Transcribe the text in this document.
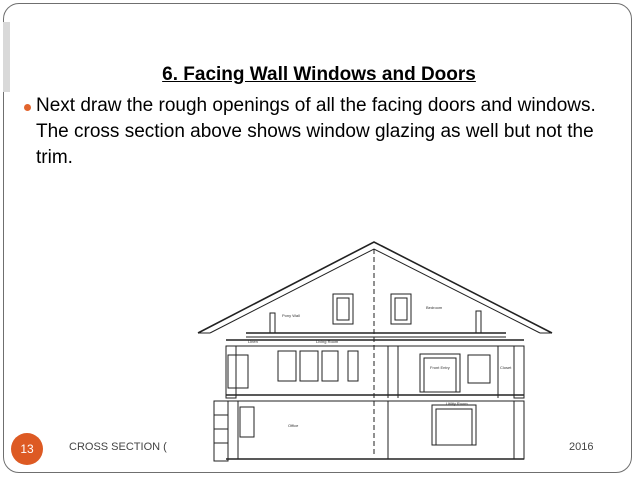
6. Facing Wall Windows and Doors
Next draw the rough openings of all the facing doors and windows. The cross section above shows window glazing as well but not the trim.
Pony Wall
Bedroom
Linen	Living Room
Front Entry	Closet
Office
Utility Room
13	CROSS SECTION (	2016
